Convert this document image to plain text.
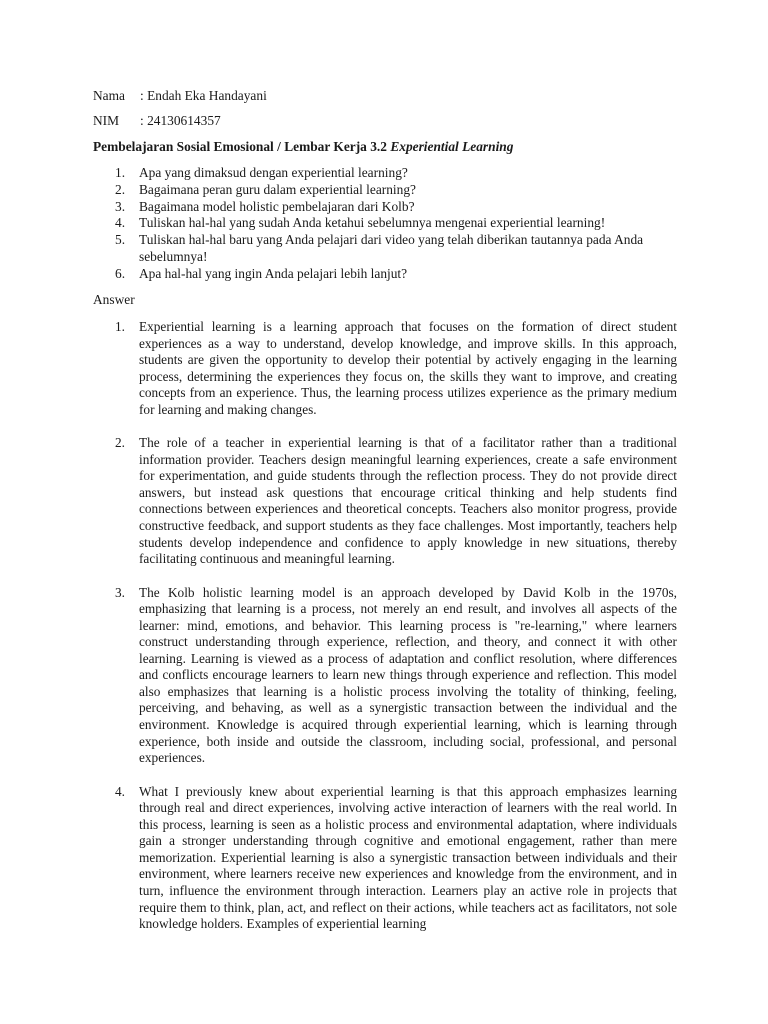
Nama : Endah Eka Handayani
NIM : 24130614357
Pembelajaran Sosial Emosional / Lembar Kerja 3.2 Experiential Learning
1. Apa yang dimaksud dengan experiential learning?
2. Bagaimana peran guru dalam experiential learning?
3. Bagaimana model holistic pembelajaran dari Kolb?
4. Tuliskan hal-hal yang sudah Anda ketahui sebelumnya mengenai experiential learning!
5. Tuliskan hal-hal baru yang Anda pelajari dari video yang telah diberikan tautannya pada Anda sebelumnya!
6. Apa hal-hal yang ingin Anda pelajari lebih lanjut?
Answer
1. Experiential learning is a learning approach that focuses on the formation of direct student experiences as a way to understand, develop knowledge, and improve skills. In this approach, students are given the opportunity to develop their potential by actively engaging in the learning process, determining the experiences they focus on, the skills they want to improve, and creating concepts from an experience. Thus, the learning process utilizes experience as the primary medium for learning and making changes.
2. The role of a teacher in experiential learning is that of a facilitator rather than a traditional information provider. Teachers design meaningful learning experiences, create a safe environment for experimentation, and guide students through the reflection process. They do not provide direct answers, but instead ask questions that encourage critical thinking and help students find connections between experiences and theoretical concepts. Teachers also monitor progress, provide constructive feedback, and support students as they face challenges. Most importantly, teachers help students develop independence and confidence to apply knowledge in new situations, thereby facilitating continuous and meaningful learning.
3. The Kolb holistic learning model is an approach developed by David Kolb in the 1970s, emphasizing that learning is a process, not merely an end result, and involves all aspects of the learner: mind, emotions, and behavior. This learning process is "re-learning," where learners construct understanding through experience, reflection, and theory, and connect it with other learning. Learning is viewed as a process of adaptation and conflict resolution, where differences and conflicts encourage learners to learn new things through experience and reflection. This model also emphasizes that learning is a holistic process involving the totality of thinking, feeling, perceiving, and behaving, as well as a synergistic transaction between the individual and the environment. Knowledge is acquired through experiential learning, which is learning through experience, both inside and outside the classroom, including social, professional, and personal experiences.
4. What I previously knew about experiential learning is that this approach emphasizes learning through real and direct experiences, involving active interaction of learners with the real world. In this process, learning is seen as a holistic process and environmental adaptation, where individuals gain a stronger understanding through cognitive and emotional engagement, rather than mere memorization. Experiential learning is also a synergistic transaction between individuals and their environment, where learners receive new experiences and knowledge from the environment, and in turn, influence the environment through interaction. Learners play an active role in projects that require them to think, plan, act, and reflect on their actions, while teachers act as facilitators, not sole knowledge holders. Examples of experiential learning
